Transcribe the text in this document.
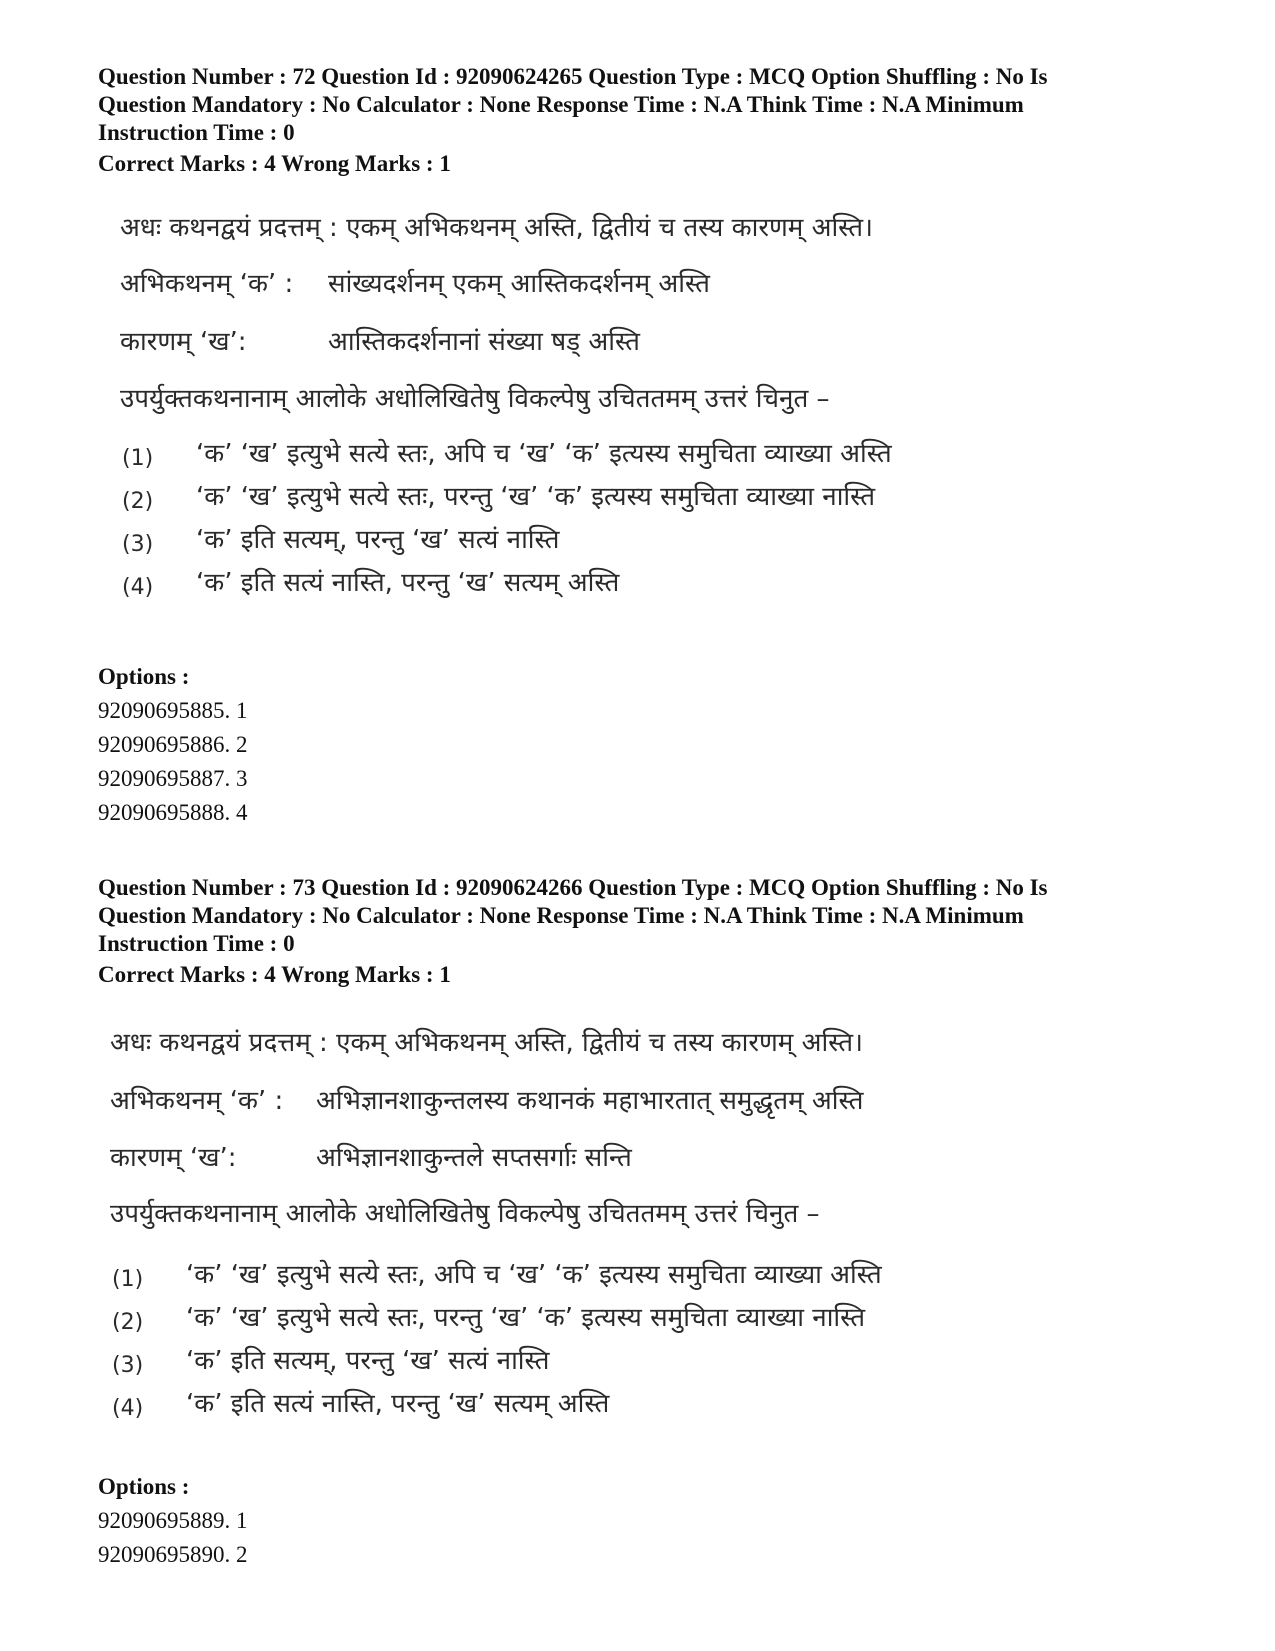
Question Number : 72 Question Id : 92090624265 Question Type : MCQ Option Shuffling : No Is
Question Mandatory : No Calculator : None Response Time : N.A Think Time : N.A Minimum
Instruction Time : 0
Correct Marks : 4 Wrong Marks : 1
अधः कथनद्वयं प्रदत्तम् : एकम् अभिकथनम् अस्ति, द्वितीयं च तस्य कारणम् अस्ति।
अभिकथनम् ‘क’ : सांख्यदर्शनम् एकम् आस्तिकदर्शनम् अस्ति
कारणम् ‘ख’:	आस्तिकदर्शनानां संख्या षड् अस्ति
उपर्युक्तकथनानाम् आलोके अधोलिखितेषु विकल्पेषु उचिततमम् उत्तरं चिनुत –
(1) ‘क’ ‘ख’ इत्युभे सत्ये स्तः, अपि च ‘ख’ ‘क’ इत्यस्य समुचिता व्याख्या अस्ति
(2) ‘क’ ‘ख’ इत्युभे सत्ये स्तः, परन्तु ‘ख’ ‘क’ इत्यस्य समुचिता व्याख्या नास्ति
(3) ‘क’ इति सत्यम्, परन्तु ‘ख’ सत्यं नास्ति
(4) ‘क’ इति सत्यं नास्ति, परन्तु ‘ख’ सत्यम् अस्ति
Options :
92090695885. 1
92090695886. 2
92090695887. 3
92090695888. 4
Question Number : 73 Question Id : 92090624266 Question Type : MCQ Option Shuffling : No Is
Question Mandatory : No Calculator : None Response Time : N.A Think Time : N.A Minimum
Instruction Time : 0
Correct Marks : 4 Wrong Marks : 1
अधः कथनद्वयं प्रदत्तम् : एकम् अभिकथनम् अस्ति, द्वितीयं च तस्य कारणम् अस्ति।
अभिकथनम् ‘क’ : अभिज्ञानशाकुन्तलस्य कथानकं महाभारतात् समुद्धृतम् अस्ति
कारणम् ‘ख’:	अभिज्ञानशाकुन्तले सप्तसर्गाः सन्ति
उपर्युक्तकथनानाम् आलोके अधोलिखितेषु विकल्पेषु उचिततमम् उत्तरं चिनुत –
(1) ‘क’ ‘ख’ इत्युभे सत्ये स्तः, अपि च ‘ख’ ‘क’ इत्यस्य समुचिता व्याख्या अस्ति
(2) ‘क’ ‘ख’ इत्युभे सत्ये स्तः, परन्तु ‘ख’ ‘क’ इत्यस्य समुचिता व्याख्या नास्ति
(3) ‘क’ इति सत्यम्, परन्तु ‘ख’ सत्यं नास्ति
(4) ‘क’ इति सत्यं नास्ति, परन्तु ‘ख’ सत्यम् अस्ति
Options :
92090695889. 1
92090695890. 2
